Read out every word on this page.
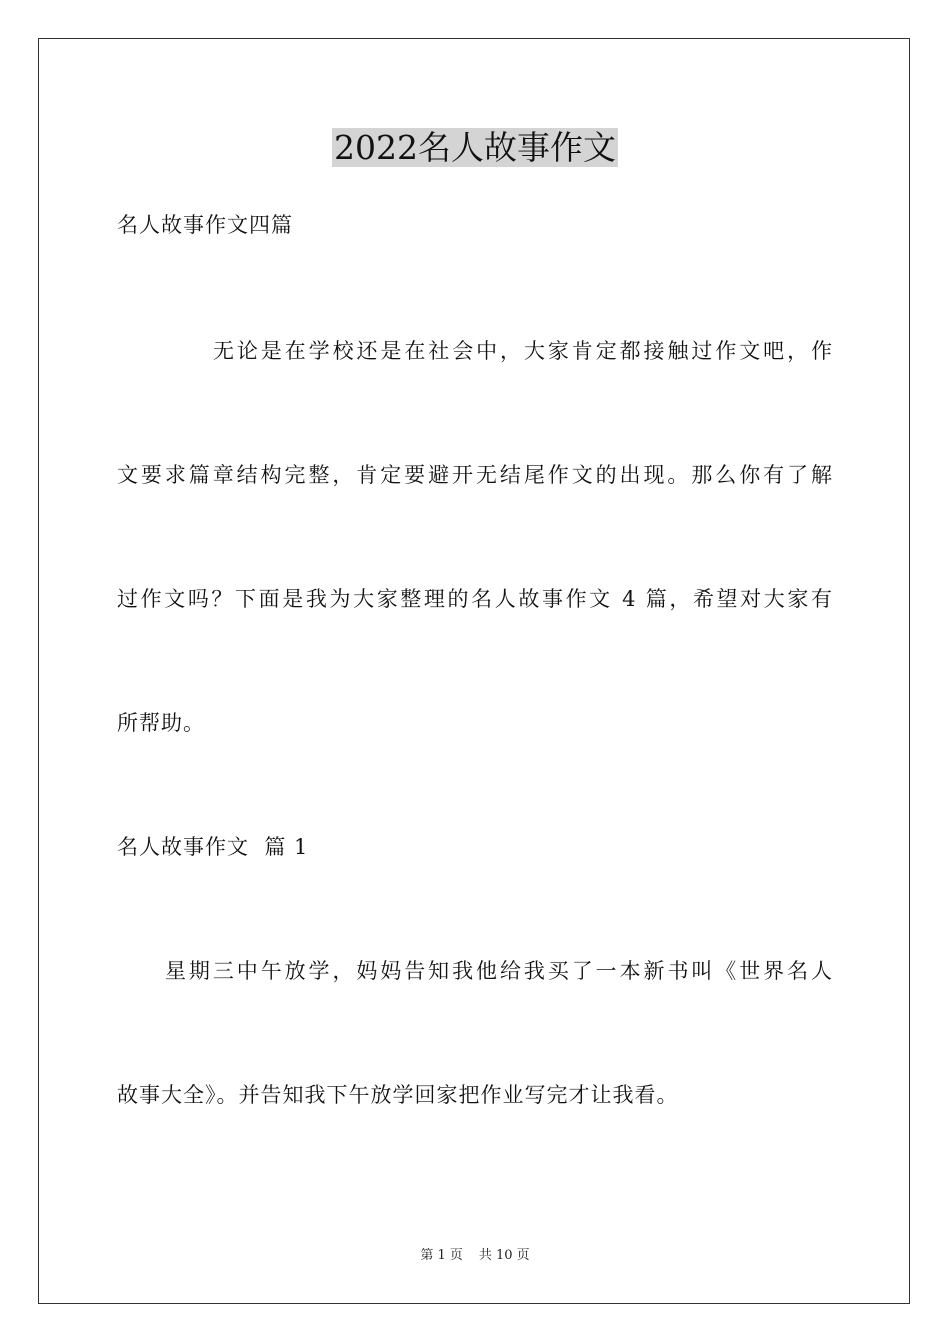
2022名人故事作文
名人故事作文四篇
无论是在学校还是在社会中，大家肯定都接触过作文吧，作
文要求篇章结构完整，肯定要避开无结尾作文的出现。那么你有了解
过作文吗？下面是我为大家整理的名人故事作文 4 篇，希望对大家有
所帮助。
名人故事作文  篇 1
星期三中午放学，妈妈告知我他给我买了一本新书叫《世界名人
故事大全》。并告知我下午放学回家把作业写完才让我看。
第 1 页 共 10 页
